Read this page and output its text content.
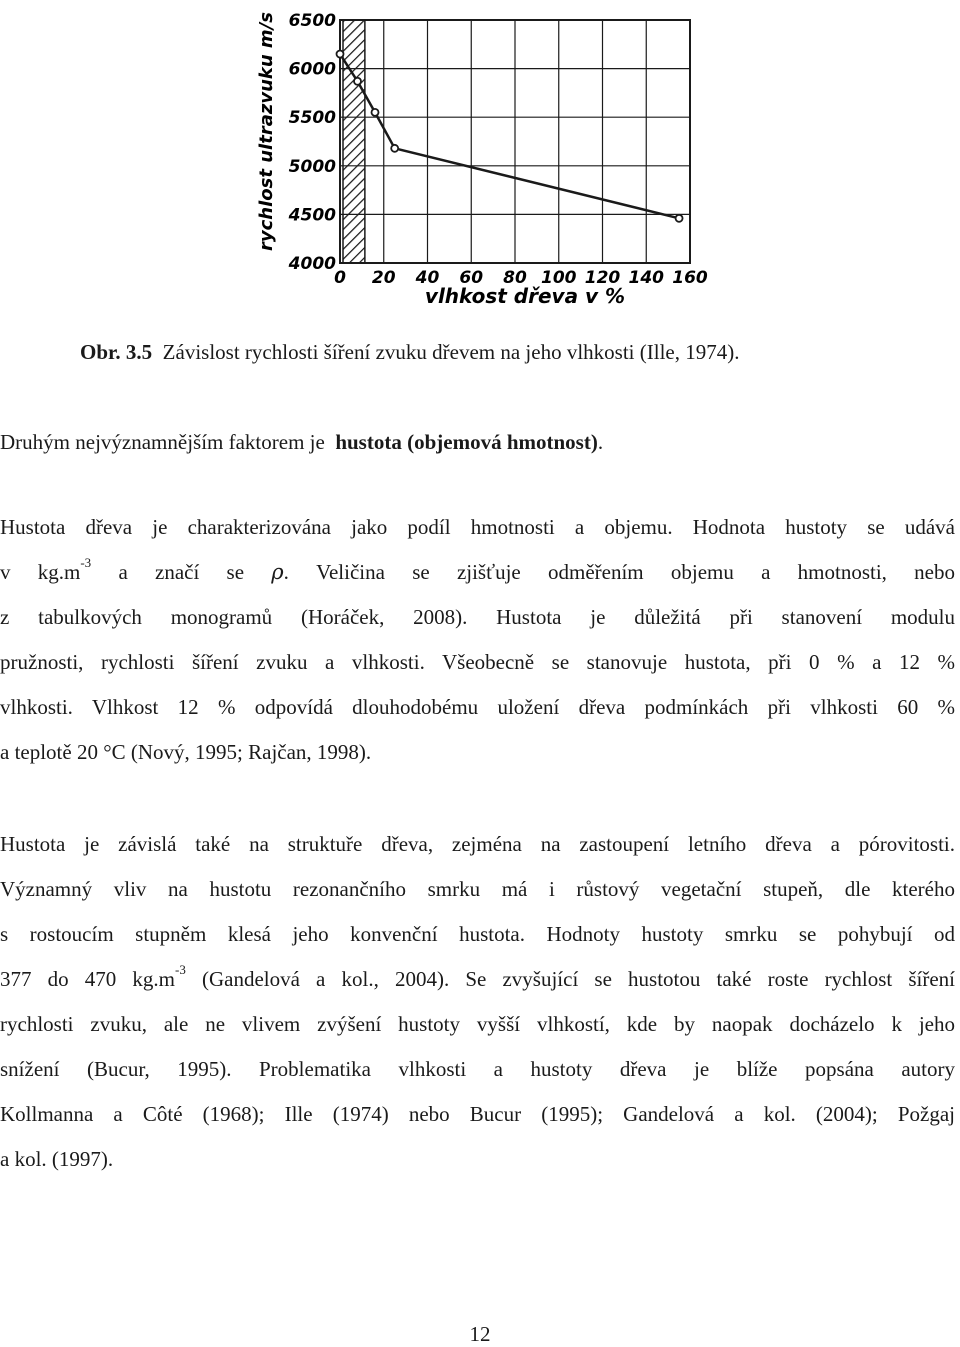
0 20 40 60 80 100 120 140 160
4000
4500
5000
5500
6000
6500
vlhkost dřeva v %
rychlost ultrazvuku m/s
Obr. 3.5 Závislost rychlosti šíření zvuku dřevem na jeho vlhkosti (Ille, 1974).

Druhým nejvýznamnějším faktorem je hustota (objemová hmotnost).

Hustota dřeva je charakterizována jako podíl hmotnosti a objemu. Hodnota hustoty se udává
v $kg.m^{-3}$ a značí se ρ. Veličina se zjišťuje odměřením objemu a hmotnosti, nebo
z tabulkových monogramů (Horáček, 2008). Hustota je důležitá při stanovení modulu
pružnosti, rychlosti šíření zvuku a vlhkosti. Všeobecně se stanovuje hustota, při 0 % a 12 %
vlhkosti. Vlhkost 12 % odpovídá dlouhodobému uložení dřeva podmínkách při vlhkosti 60 %
a teplotě 20 °C (Nový, 1995; Rajčan, 1998).

Hustota je závislá také na struktuře dřeva, zejména na zastoupení letního dřeva a pórovitosti.
Významný vliv na hustotu rezonančního smrku má i růstový vegetační stupeň, dle kterého
s rostoucím stupněm klesá jeho konvenční hustota. Hodnoty hustoty smrku se pohybují od
377 do 470 $kg.m^{-3}$ (Gandelová a kol., 2004). Se zvyšující se hustotou také roste rychlost šíření
rychlosti zvuku, ale ne vlivem zvýšení hustoty vyšší vlhkostí, kde by naopak docházelo k jeho
snížení (Bucur, 1995). Problematika vlhkosti a hustoty dřeva je blíže popsána autory
Kollmanna a Côté (1968); Ille (1974) nebo Bucur (1995); Gandelová a kol. (2004); Požgaj
a kol. (1997).

12
